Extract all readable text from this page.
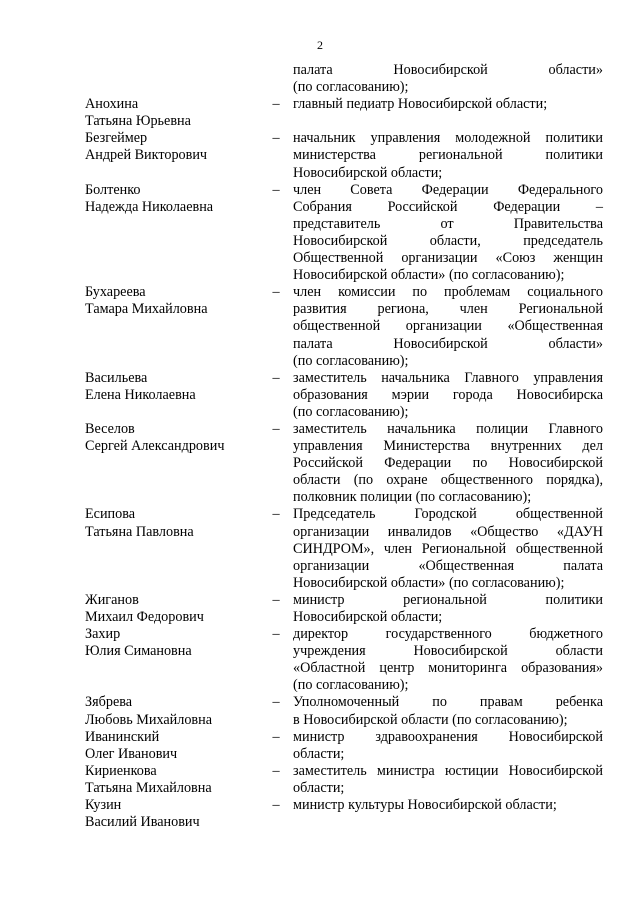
2
палата Новосибирской области»
(по согласованию);
Анохина
Татьяна Юрьевна
– главный педиатр Новосибирской области;
Безгеймер
Андрей Викторович
– начальник управления молодежной политики
министерства региональной политики
Новосибирской области;
Болтенко
Надежда Николаевна
– член Совета Федерации Федерального
Собрания Российской Федерации –
представитель от Правительства
Новосибирской области, председатель
Общественной организации «Союз женщин
Новосибирской области» (по согласованию);
Бухареева
Тамара Михайловна
– член комиссии по проблемам социального
развития региона, член Региональной
общественной организации «Общественная
палата Новосибирской области»
(по согласованию);
Васильева
Елена Николаевна
– заместитель начальника Главного управления
образования мэрии города Новосибирска
(по согласованию);
Веселов
Сергей Александрович
– заместитель начальника полиции Главного
управления Министерства внутренних дел
Российской Федерации по Новосибирской
области (по охране общественного порядка),
полковник полиции (по согласованию);
Есипова
Татьяна Павловна
– Председатель Городской общественной
организации инвалидов «Общество «ДАУН
СИНДРОМ», член Региональной общественной
организации «Общественная палата
Новосибирской области» (по согласованию);
Жиганов
Михаил Федорович
– министр региональной политики
Новосибирской области;
Захир
Юлия Симановна
– директор государственного бюджетного
учреждения Новосибирской области
«Областной центр мониторинга образования»
(по согласованию);
Зябрева
Любовь Михайловна
– Уполномоченный по правам ребенка
в Новосибирской области (по согласованию);
Иванинский
Олег Иванович
– министр здравоохранения Новосибирской
области;
Кириенкова
Татьяна Михайловна
– заместитель министра юстиции Новосибирской
области;
Кузин
Василий Иванович
– министр культуры Новосибирской области;
